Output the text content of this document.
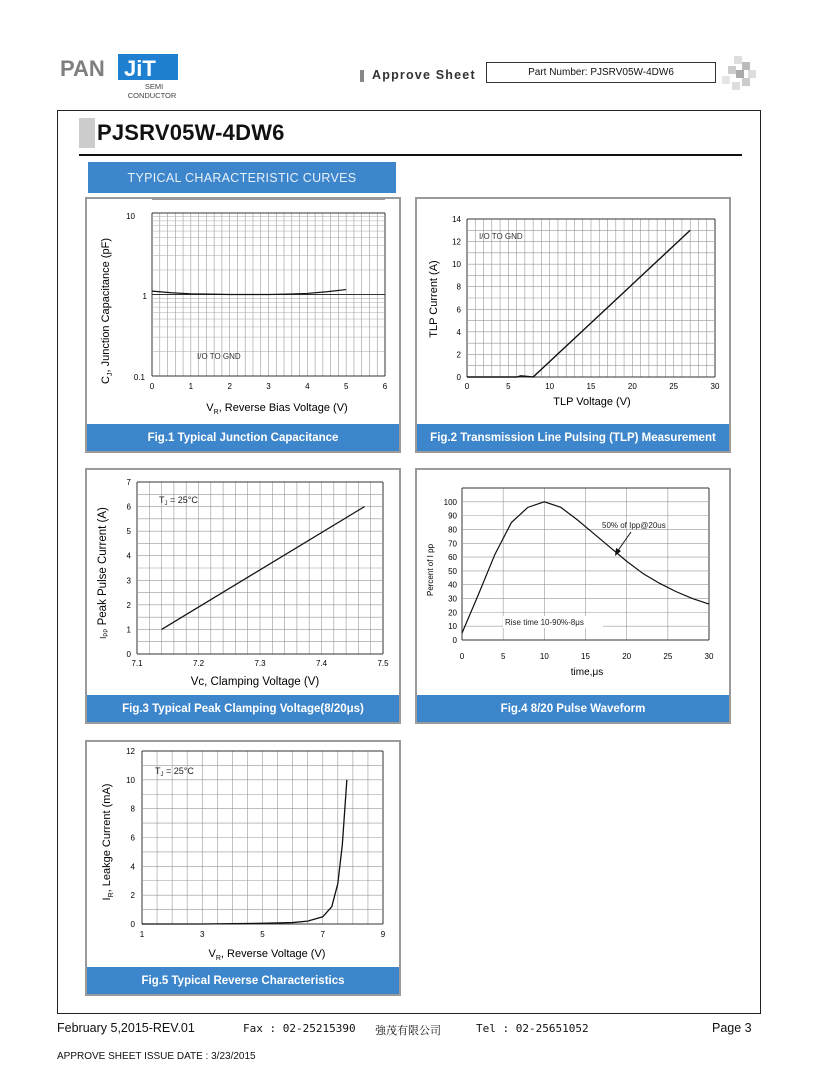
PAN JiT
SEMI
CONDUCTOR
Approve Sheet	Part Number: PJSRV05W-4DW6
PJSRV05W-4DW6
TYPICAL CHARACTERISTIC CURVES
I/O TO GND
10
1
0.1
0	1	2	3	4	5	6
$C_J$, Junction Capacitance (pF)
$V_R$, Reverse Bias Voltage (V)
Fig.1 Typical Junction Capacitance
I/O TO GND
14
12
10
8
6
4
2
0
0	5	10	15	20	25	30
TLP Current (A)
TLP Voltage (V)
Fig.2 Transmission Line Pulsing (TLP) Measurement
$T_J = 25^\circ C$
7
6
5
4
3
2
1
0
7.1	7.2	7.3	7.4	7.5
IPP Peak Pulse Current (A)
Vc, Clamping Voltage (V)
Fig.3 Typical Peak Clamping Voltage(8/20μs)
50% of Ipp@20us
Rise time 10-90%-8μs
100
90
80
70
60
50
40
30
20
10
0
0	5	10	15	20	25	30
Percent of I pp
time,μs
Fig.4 8/20 Pulse Waveform
$T_J = 25^\circ C$
12
10
8
6
4
2
0
1	3	5	7	9
$I_R$, Leakge Current (mA)
$V_R$, Reverse Voltage (V)
Fig.5 Typical Reverse Characteristics
February 5,2015-REV.01	Fax : 02-25215390 強茂有限公司	Tel : 02-25651052	Page 3
APPROVE SHEET ISSUE DATE : 3/23/2015
